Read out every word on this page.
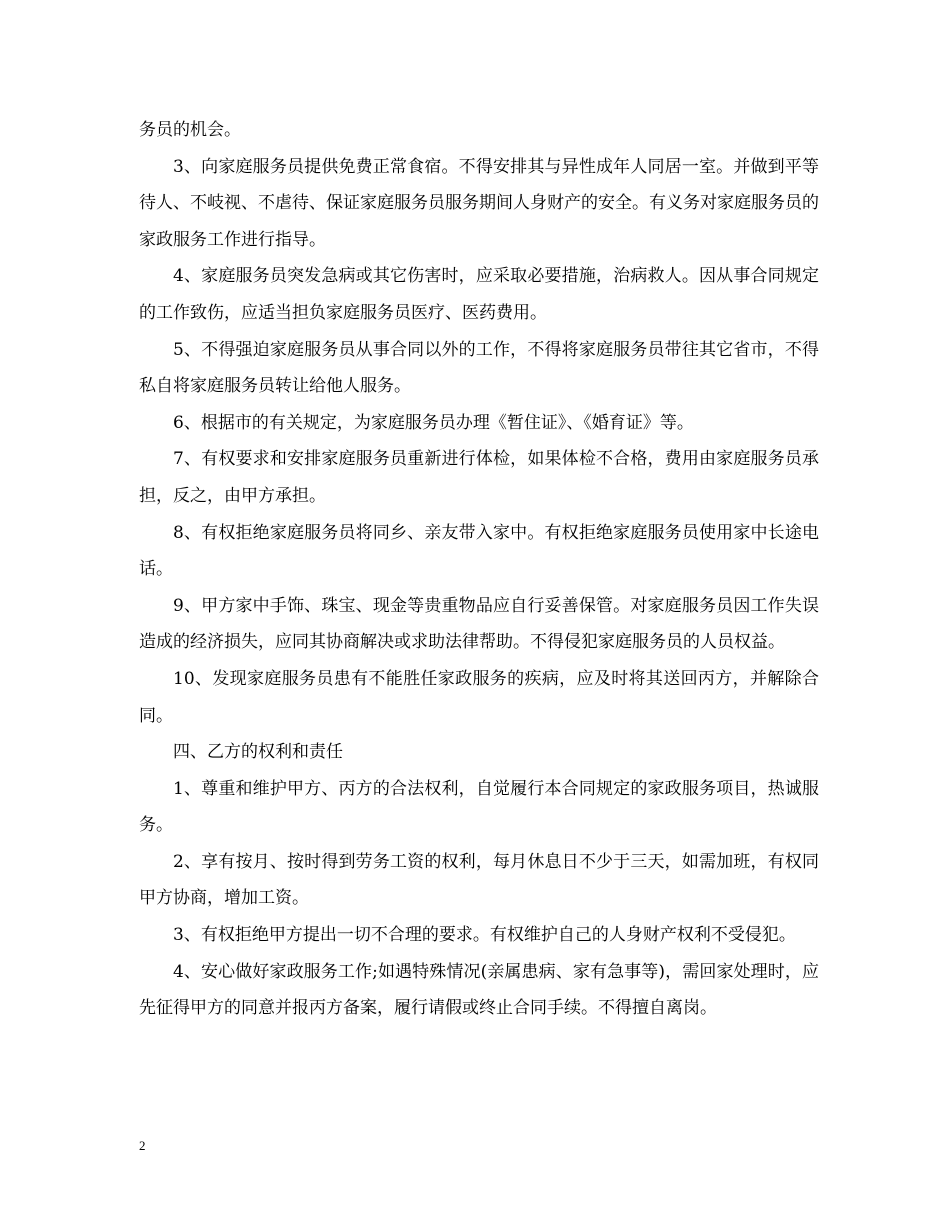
务员的机会。

3、向家庭服务员提供免费正常食宿。不得安排其与异性成年人同居一室。并做到平等待人、不岐视、不虐待、保证家庭服务员服务期间人身财产的安全。有义务对家庭服务员的家政服务工作进行指导。

4、家庭服务员突发急病或其它伤害时，应采取必要措施，治病救人。因从事合同规定的工作致伤，应适当担负家庭服务员医疗、医药费用。

5、不得强迫家庭服务员从事合同以外的工作，不得将家庭服务员带往其它省市，不得私自将家庭服务员转让给他人服务。

6、根据市的有关规定，为家庭服务员办理《暂住证》、《婚育证》等。

7、有权要求和安排家庭服务员重新进行体检，如果体检不合格，费用由家庭服务员承担，反之，由甲方承担。

8、有权拒绝家庭服务员将同乡、亲友带入家中。有权拒绝家庭服务员使用家中长途电话。

9、甲方家中手饰、珠宝、现金等贵重物品应自行妥善保管。对家庭服务员因工作失误造成的经济损失，应同其协商解决或求助法律帮助。不得侵犯家庭服务员的人员权益。

10、发现家庭服务员患有不能胜任家政服务的疾病，应及时将其送回丙方，并解除合同。

四、乙方的权利和责任

1、尊重和维护甲方、丙方的合法权利，自觉履行本合同规定的家政服务项目，热诚服务。

2、享有按月、按时得到劳务工资的权利，每月休息日不少于三天，如需加班，有权同甲方协商，增加工资。

3、有权拒绝甲方提出一切不合理的要求。有权维护自己的人身财产权利不受侵犯。

4、安心做好家政服务工作;如遇特殊情况(亲属患病、家有急事等)，需回家处理时，应先征得甲方的同意并报丙方备案，履行请假或终止合同手续。不得擅自离岗。

2
